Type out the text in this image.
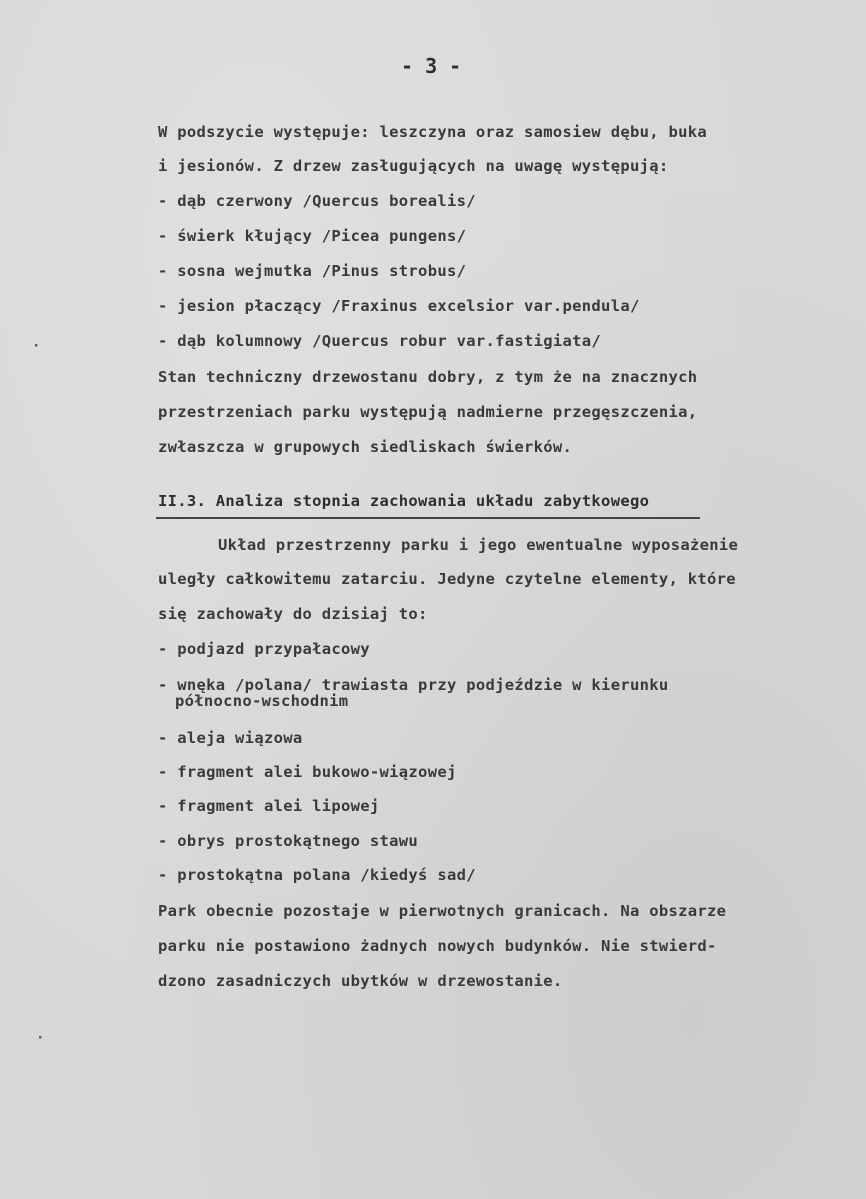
- 3 -
W podszycie występuje: leszczyna oraz samosiew dębu, buka
i jesionów. Z drzew zasługujących na uwagę występują:
- dąb czerwony /Quercus borealis/
- świerk kłujący /Picea pungens/
- sosna wejmutka /Pinus strobus/
- jesion płaczący /Fraxinus excelsior var.pendula/
- dąb kolumnowy /Quercus robur var.fastigiata/
Stan techniczny drzewostanu dobry, z tym że na znacznych
przestrzeniach parku występują nadmierne przegęszczenia,
zwłaszcza w grupowych siedliskach świerków.
II.3. Analiza stopnia zachowania układu zabytkowego
Układ przestrzenny parku i jego ewentualne wyposażenie
uległy całkowitemu zatarciu. Jedyne czytelne elementy, które
się zachowały do dzisiaj to:
- podjazd przypałacowy
- wnęka /polana/ trawiasta przy podjeździe w kierunku
północno-wschodnim
- aleja wiązowa
- fragment alei bukowo-wiązowej
- fragment alei lipowej
- obrys prostokątnego stawu
- prostokątna polana /kiedyś sad/
Park obecnie pozostaje w pierwotnych granicach. Na obszarze
parku nie postawiono żadnych nowych budynków. Nie stwierd-
dzono zasadniczych ubytków w drzewostanie.
·
·
